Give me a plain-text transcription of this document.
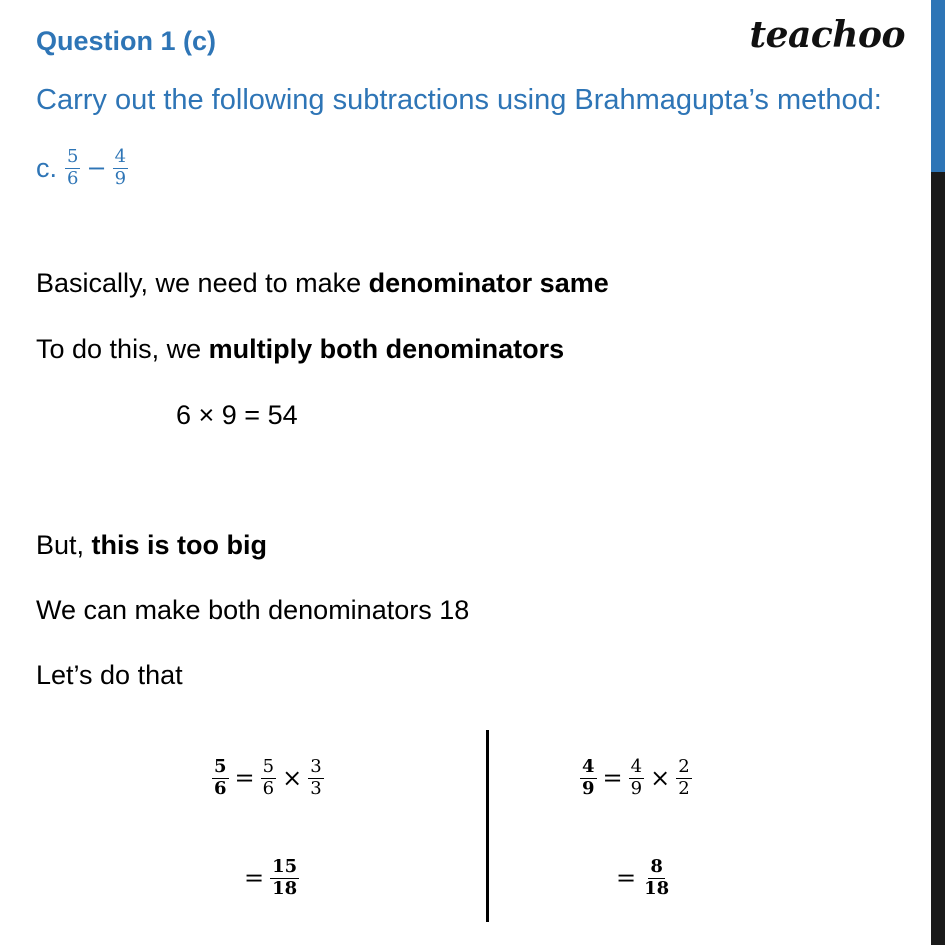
Question 1 (c)	teachoo
Carry out the following subtractions using Brahmagupta’s method:
c. $\frac{5}{6} - \frac{4}{9}$
Basically, we need to make denominator same
To do this, we multiply both denominators
6 × 9 = 54
But, this is too big
We can make both denominators 18
Let’s do that
$\frac{5}{6} = \frac{5}{6} \times \frac{3}{3}$
= $\frac{15}{18}$
$\frac{4}{9} = \frac{4}{9} \times \frac{2}{2}$
= $\frac{8}{18}$
